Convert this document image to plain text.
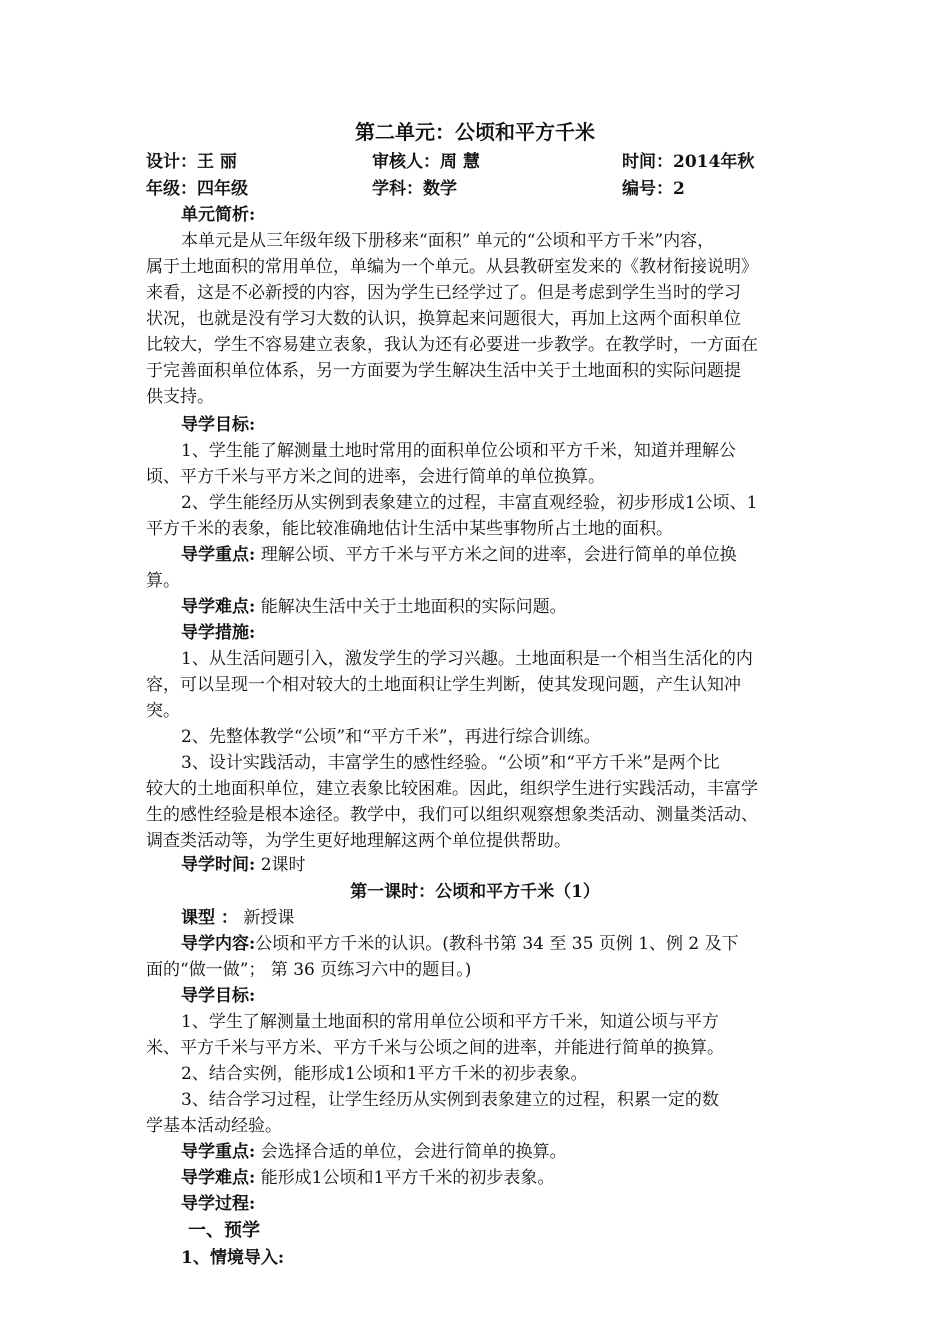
第二单元：公顷和平方千米
设计：王 丽	审核人：周 慧	时间：2014年秋
年级：四年级	学科：数学	编号：2
单元简析:
本单元是从三年级年级下册移来“面积” 单元的“公顷和平方千米”内容，
属于土地面积的常用单位，单编为一个单元。从县教研室发来的《教材衔接说明》
来看，这是不必新授的内容，因为学生已经学过了。但是考虑到学生当时的学习
状况，也就是没有学习大数的认识，换算起来问题很大，再加上这两个面积单位
比较大，学生不容易建立表象，我认为还有必要进一步教学。在教学时，一方面在
于完善面积单位体系，另一方面要为学生解决生活中关于土地面积的实际问题提
供支持。
导学目标:
1、学生能了解测量土地时常用的面积单位公顷和平方千米，知道并理解公
顷、平方千米与平方米之间的进率，会进行简单的单位换算。
2、学生能经历从实例到表象建立的过程，丰富直观经验，初步形成1公顷、1
平方千米的表象，能比较准确地估计生活中某些事物所占土地的面积。
导学重点: 理解公顷、平方千米与平方米之间的进率，会进行简单的单位换
算。
导学难点: 能解决生活中关于土地面积的实际问题。
导学措施:
1、从生活问题引入，激发学生的学习兴趣。土地面积是一个相当生活化的内
容，可以呈现一个相对较大的土地面积让学生判断，使其发现问题，产生认知冲
突。
2、先整体教学“公顷”和“平方千米”，再进行综合训练。
3、设计实践活动，丰富学生的感性经验。“公顷”和“平方千米”是两个比
较大的土地面积单位，建立表象比较困难。因此，组织学生进行实践活动，丰富学
生的感性经验是根本途径。教学中，我们可以组织观察想象类活动、测量类活动、
调查类活动等，为学生更好地理解这两个单位提供帮助。
导学时间: 2课时
第一课时：公顷和平方千米（1）
课型 ： 新授课
导学内容:公顷和平方千米的认识。(教科书第 34 至 35 页例 1、例 2 及下
面的“做一做”； 第 36 页练习六中的题目。)
导学目标:
1、学生了解测量土地面积的常用单位公顷和平方千米，知道公顷与平方
米、平方千米与平方米、平方千米与公顷之间的进率，并能进行简单的换算。
2、结合实例，能形成1公顷和1平方千米的初步表象。
3、结合学习过程，让学生经历从实例到表象建立的过程，积累一定的数
学基本活动经验。
导学重点: 会选择合适的单位，会进行简单的换算。
导学难点: 能形成1公顷和1平方千米的初步表象。
导学过程:
一、预学
1、情境导入:
